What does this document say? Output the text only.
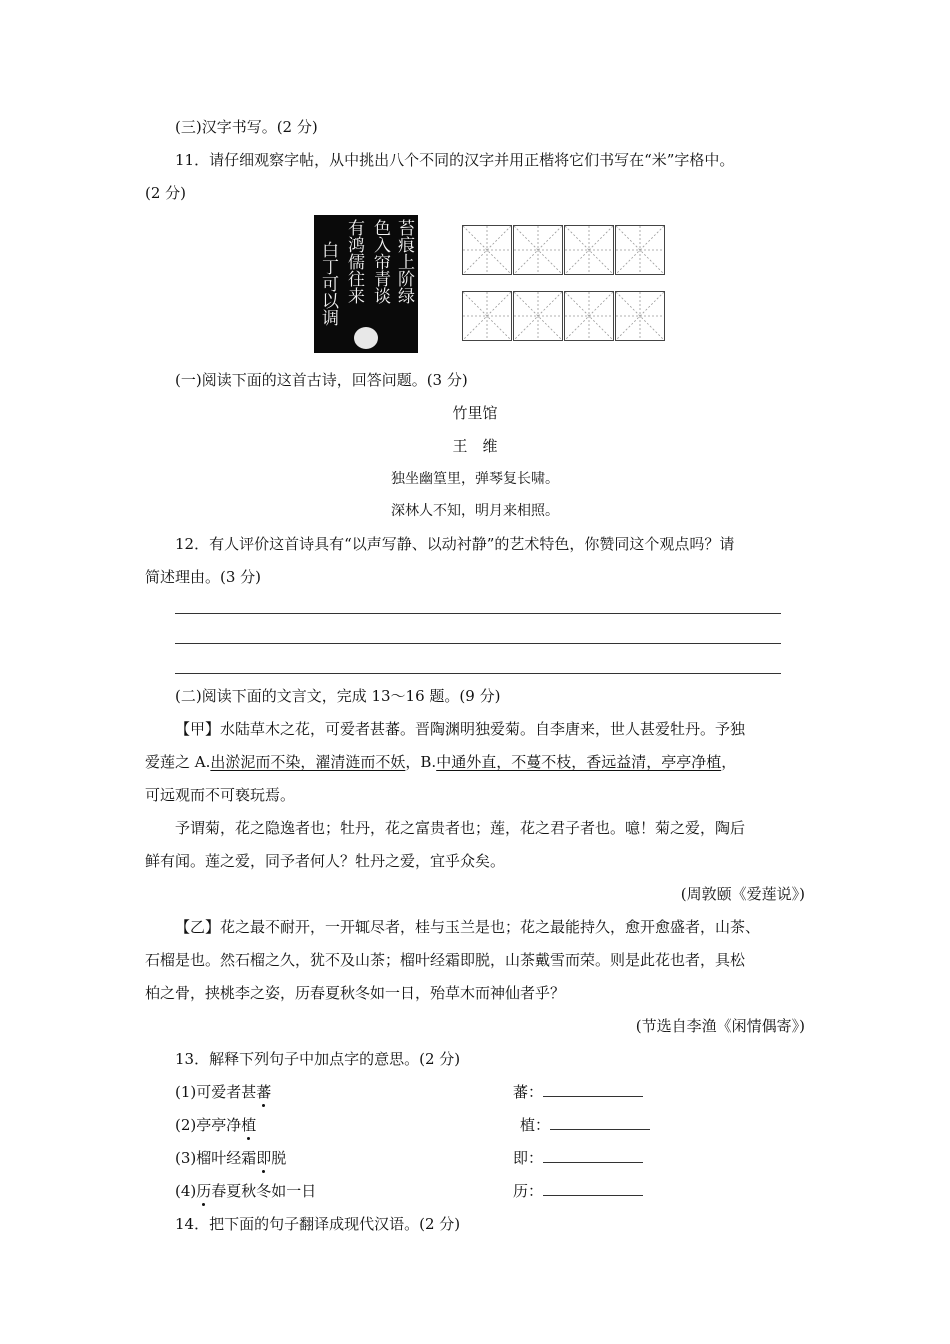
(三)汉字书写。(2 分)
11．请仔细观察字帖，从中挑出八个不同的汉字并用正楷将它们书写在“米”字格中。
(2 分)
苔痕上阶绿
色入帘青谈
有鸿儒往来
白丁可以调
(一)阅读下面的这首古诗，回答问题。(3 分)
竹里馆
王　维
独坐幽篁里，弹琴复长啸。
深林人不知，明月来相照。
12．有人评价这首诗具有“以声写静、以动衬静”的艺术特色，你赞同这个观点吗？请
简述理由。(3 分)
(二)阅读下面的文言文，完成 13～16 题。(9 分)
【甲】水陆草木之花，可爱者甚蕃。晋陶渊明独爱菊。自李唐来，世人甚爱牡丹。予独
爱莲之 A.出淤泥而不染，濯清涟而不妖，B.中通外直，不蔓不枝，香远益清，亭亭净植，
可远观而不可亵玩焉。
予谓菊，花之隐逸者也；牡丹，花之富贵者也；莲，花之君子者也。噫！菊之爱，陶后
鲜有闻。莲之爱，同予者何人？牡丹之爱，宜乎众矣。
(周敦颐《爱莲说》)
【乙】花之最不耐开，一开辄尽者，桂与玉兰是也；花之最能持久，愈开愈盛者，山茶、
石榴是也。然石榴之久，犹不及山茶；榴叶经霜即脱，山茶戴雪而荣。则是此花也者，具松
柏之骨，挟桃李之姿，历春夏秋冬如一日，殆草木而神仙者乎？
(节选自李渔《闲情偶寄》)
13．解释下列句子中加点字的意思。(2 分)
(1)可爱者甚蕃	蕃：
(2)亭亭净植	植：
(3)榴叶经霜即脱	即：
(4)历春夏秋冬如一日	历：
14．把下面的句子翻译成现代汉语。(2 分)
